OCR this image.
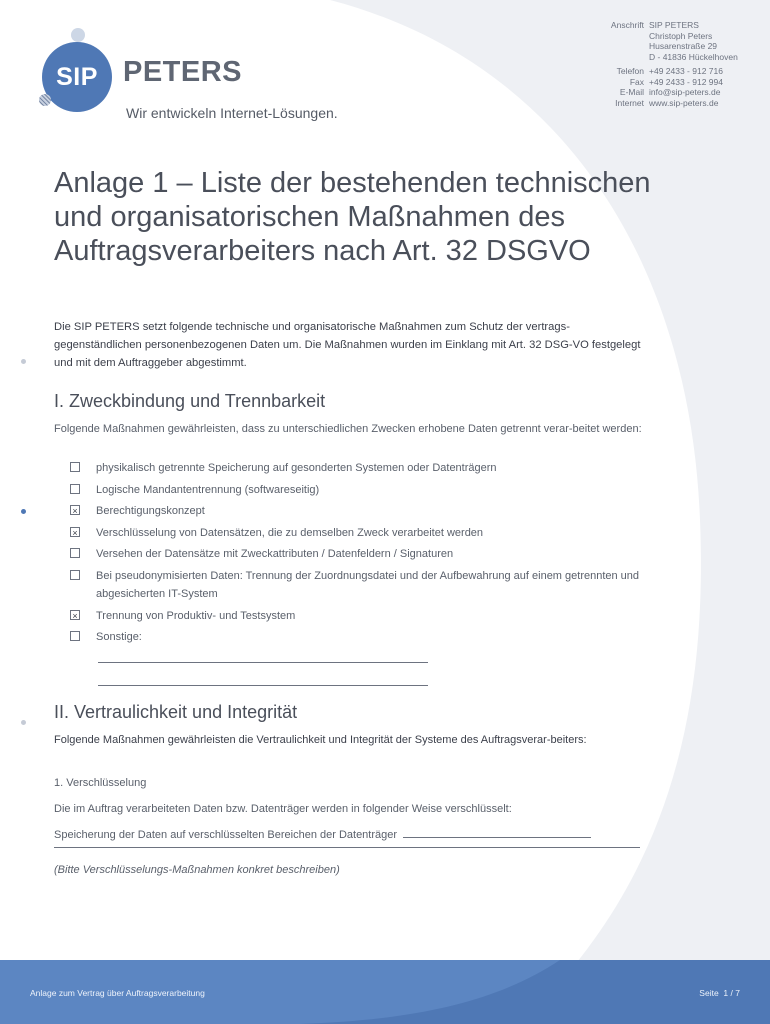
SIP PETERS
Wir entwickeln Internet-Lösungen.
Anschrift SIP PETERS
Christoph Peters
Husarenstraße 29
D - 41836 Hückelhoven
Telefon +49 2433 - 912 716
Fax +49 2433 - 912 994
E-Mail info@sip-peters.de
Internet www.sip-peters.de
Anlage 1 – Liste der bestehenden technischen und organisatorischen Maßnahmen des Auftragsverarbeiters nach Art. 32 DSGVO

Die SIP PETERS setzt folgende technische und organisatorische Maßnahmen zum Schutz der vertrags-gegenständlichen personenbezogenen Daten um. Die Maßnahmen wurden im Einklang mit Art. 32 DSG-VO festgelegt und mit dem Auftraggeber abgestimmt.

I. Zweckbindung und Trennbarkeit

Folgende Maßnahmen gewährleisten, dass zu unterschiedlichen Zwecken erhobene Daten getrennt verar-beitet werden:

physikalisch getrennte Speicherung auf gesonderten Systemen oder Datenträgern
Logische Mandantentrennung (softwareseitig)
× Berechtigungskonzept
× Verschlüsselung von Datensätzen, die zu demselben Zweck verarbeitet werden
Versehen der Datensätze mit Zweckattributen / Datenfeldern / Signaturen
Bei pseudonymisierten Daten: Trennung der Zuordnungsdatei und der Aufbewahrung auf einem getrennten und abgesicherten IT-System
× Trennung von Produktiv- und Testsystem
Sonstige:
II. Vertraulichkeit und Integrität

Folgende Maßnahmen gewährleisten die Vertraulichkeit und Integrität der Systeme des Auftragsverar-beiters:

1. Verschlüsselung

Die im Auftrag verarbeiteten Daten bzw. Datenträger werden in folgender Weise verschlüsselt:

Speicherung der Daten auf verschlüsselten Bereichen der Datenträger

(Bitte Verschlüsselungs-Maßnahmen konkret beschreiben)
Anlage zum Vertrag über Auftragsverarbeitung	Seite 1 / 7
